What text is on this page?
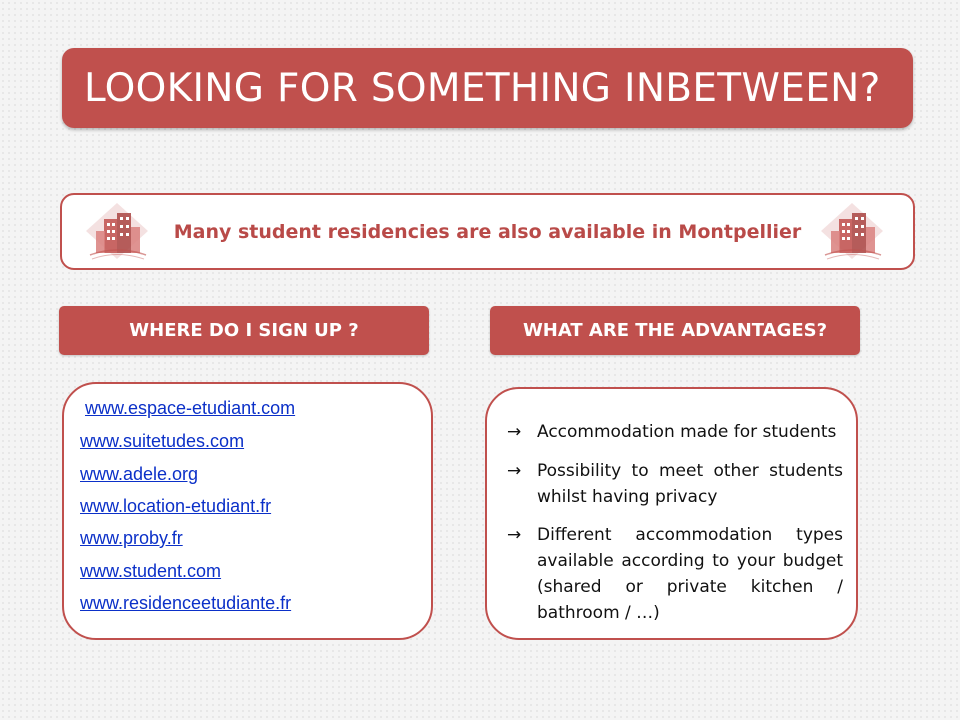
LOOKING FOR SOMETHING INBETWEEN?
Many student residencies are also available in Montpellier
WHERE DO I SIGN UP ?	WHAT ARE THE ADVANTAGES?
www.espace-etudiant.com
www.suitetudes.com
www.adele.org
www.location-etudiant.fr
www.proby.fr
www.student.com
www.residenceetudiante.fr
→ Accommodation made for students
→ Possibility to meet other students whilst having privacy
→ Different accommodation types available according to your budget (shared or private kitchen / bathroom / …)
